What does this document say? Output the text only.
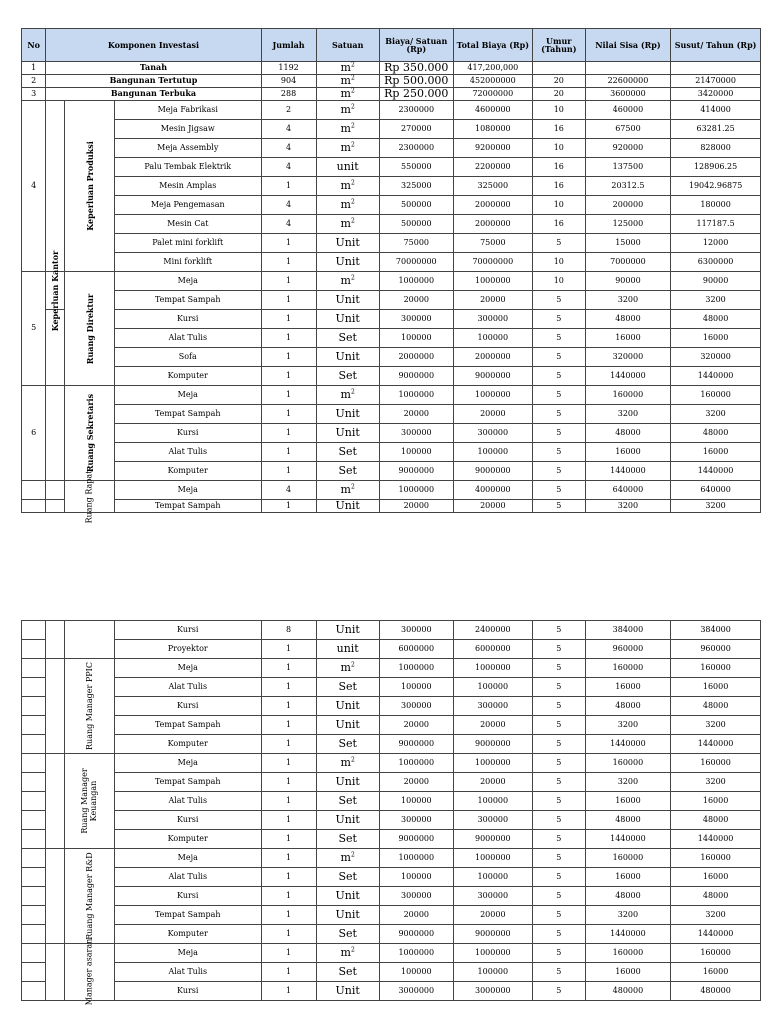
No	Komponen Investasi			Jumlah	Satuan	Biaya/ Satuan (Rp)	Total Biaya (Rp)	Umur (Tahun)	Nilai Sisa (Rp)	Susut/ Tahun (Rp)
1	Tanah			1192	$m^2$	Rp 350.000	417,200,000			
2	Bangunan Tertutup			904	$m^2$	Rp 500.000	452000000	20	22600000	21470000
3	Bangunan Terbuka			288	$m^2$	Rp 250.000	72000000	20	3600000	3420000
4		Keperluan Produksi	Meja Fabrikasi	2	$m^2$	2300000	4600000	10	460000	414000
			Mesin Jigsaw	4	$m^2$	270000	1080000	16	67500	63281.25
			Meja Assembly	4	$m^2$	2300000	9200000	10	920000	828000
			Palu Tembak Elektrik	4	unit	550000	2200000	16	137500	128906.25
			Mesin Amplas	1	$m^2$	325000	325000	16	20312.5	19042.96875
			Meja Pengemasan	4	$m^2$	500000	2000000	10	200000	180000
			Mesin Cat	4	$m^2$	500000	2000000	16	125000	117187.5
			Palet mini forklift	1	Unit	75000	75000	5	15000	12000
			Mini forklift	1	Unit	70000000	70000000	10	7000000	6300000
5	Keperluan Kantor	Ruang Direktur	Meja	1	$m^2$	1000000	1000000	10	90000	90000
			Tempat Sampah	1	Unit	20000	20000	5	3200	3200
			Kursi	1	Unit	300000	300000	5	48000	48000
			Alat Tulis	1	Set	100000	100000	5	16000	16000
			Sofa	1	Unit	2000000	2000000	5	320000	320000
			Komputer	1	Set	9000000	9000000	5	1440000	1440000
6		Ruang Sekretaris	Meja	1	$m^2$	1000000	1000000	5	160000	160000
			Tempat Sampah	1	Unit	20000	20000	5	3200	3200
			Kursi	1	Unit	300000	300000	5	48000	48000
			Alat Tulis	1	Set	100000	100000	5	16000	16000
			Komputer	1	Set	9000000	9000000	5	1440000	1440000

		Ruang Rapat	Meja	4	$m^2$	1000000	4000000	5	640000	640000
			Tempat Sampah	1	Unit	20000	20000	5	3200	3200
			Kursi	8	Unit	300000	2400000	5	384000	384000
			Proyektor	1	unit	6000000	6000000	5	960000	960000

		Ruang Manager PPIC	Meja	1	$m^2$	1000000	1000000	5	160000	160000
			Alat Tulis	1	Set	100000	100000	5	16000	16000
			Kursi	1	Unit	300000	300000	5	48000	48000
			Tempat Sampah	1	Unit	20000	20000	5	3200	3200
			Komputer	1	Set	9000000	9000000	5	1440000	1440000

		Ruang Manager Keuangan	Meja	1	$m^2$	1000000	1000000	5	160000	160000
			Tempat Sampah	1	Unit	20000	20000	5	3200	3200
			Alat Tulis	1	Set	100000	100000	5	16000	16000
			Kursi	1	Unit	300000	300000	5	48000	48000
			Komputer	1	Set	9000000	9000000	5	1440000	1440000

		Ruang Manager R&D	Meja	1	$m^2$	1000000	1000000	5	160000	160000
			Alat Tulis	1	Set	100000	100000	5	16000	16000
			Kursi	1	Unit	300000	300000	5	48000	48000
			Tempat Sampah	1	Unit	20000	20000	5	3200	3200
			Komputer	1	Set	9000000	9000000	5	1440000	1440000

		Manager asaran	Meja	1	$m^2$	1000000	1000000	5	160000	160000
			Alat Tulis	1	Set	100000	100000	5	16000	16000
			Kursi	1	Unit	3000000	3000000	5	480000	480000
